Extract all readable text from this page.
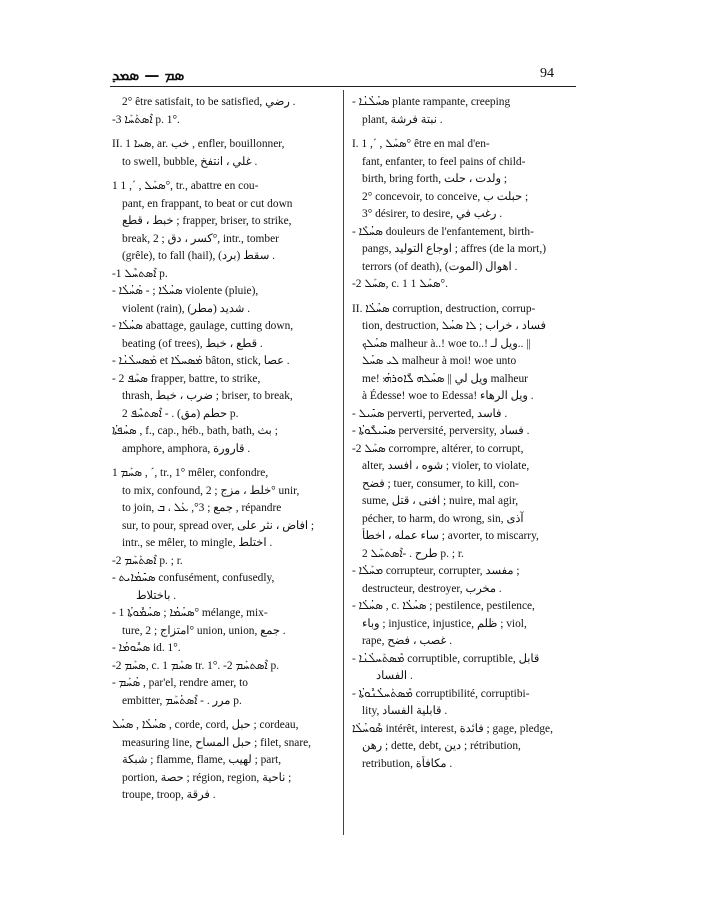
ܣܡ — ܣܡܕ	94
2° être satisfait, to be satisfied, رضي .
-ܐܶܣܬܰܚܰܐ 3 p. 1°.
II. ܣܚܐ 1, ar. خب , enfler, bouillonner,
to swell, bubble, غلي ، انتفخ .
1 ܣܚܰܠ , ´, 1°, tr., abattre en cou-
pant, en frappant, to beat or cut down
خبط ، قطع ; frapper, briser, to strike,
break, كسر ، دق ; 2°, intr., tomber
(grêle), to fall (hail), (برد) سقط .
-ܐܶܣܬܚܶܠ 1 p.
- ܣܚܳܠܳܐ ; - ܣܳܚܳܠܳܐ violente (pluie),
violent (rain), (مطر) شديد .
- ܣܚܳܠܳܐ abattage, gaulage, cutting down,
beating (of trees), قطع ، خبط .
- ܡܰܣܚܠܳܢܳܐ et ܡܰܣܚܠܳܐ bâton, stick, عصا .
- ܣܚܰܦ 2 frapper, battre, to strike,
thrash, ضرب ، خبط ; briser, to break,
حطم (مق) . - ܐܶܣܬܚܶܦ 2 p.
ܣܚܳܦܬܳܐ , f., cap., héb., bath, bath, بث ;
amphore, amphora, قارورة .
1 ܣܚܰܡ , ´, tr., 1° mêler, confondre,
to mix, confound, خلط ، مزج ; 2° unir,
to join, جمع ; 3°, ܥܰܠ ، ܒ , répandre
sur, to pour, spread over, افاض ، نثر على ;
intr., se mêler, to mingle, اختلط .
-ܐܶܣܬܰܚܰܡ 2 p. ; r.
- ܣܚܺܡܳܐܝܬ confusément, confusedly,
باختلاط .
- ܣܚܳܡܳܐ ; ܣܚܳܡܽܘܬܳܐ 1° mélange, mix-
ture, امتزاج ; 2° union, union, جمع .
- ܣܚܽܘܡܳܐ id. 1°.
-ܣܚܰܡ 2, c. 1 ܣܚܰܡ tr. 1°. -ܐܶܣܬܚܰܡ 2 p.
- ܣܳܚܰܡ , par'el, rendre amer, to
embitter, مرر . - ܐܶܣܬܳܚܰܡ p.
ܣܚܳܠܳܐ , ܣܚܳܠ , corde, cord, حبل ; cordeau,
measuring line, حبل المساح ; filet, snare,
شبكة ; flamme, flame, لهيب ; part,
portion, حصة ; région, region, ناحية ;
troupe, troop, فرقة .
- ܣܚܳܠܳܢܳܐ plante rampante, creeping
plant, نبتة فرشة .
I. ܣܚܰܠ , ´, 1° être en mal d'en-
fant, enfanter, to feel pains of child-
birth, bring forth, ولدت ، حلت ;
2° concevoir, to conceive, حبلت ب ;
3° désirer, to desire, رغب في .
- ܣܚܳܠܶܐ douleurs de l'enfantement, birth-
pangs, اوجاع التوليد ; affres (de la mort,)
terrors (of death), (الموت) اهوال .
-ܣܚܰܠ 2, c. 1 ܣܚܰܠ 1°.
II. ܣܚܳܠܳܐ corruption, destruction, corrup-
tion, destruction, فساد ، خراب ; ܠܐ ܣܚܳܠ
ܣܚܳܠܟ malheur à..! woe to..! ويل لـ.. ||
ܠܝ ܣܚܳܠ malheur à moi! woe unto
me! ويل لي || ܣܚܳܠܗ ܠܽܐܘܪܗܳܝ malheur
à Édesse! woe to Edessa! ويل الرهاء .
- ܣܚܺܝܠ perverti, perverted, فاسد .
- ܣܚܺܝܠܽܘܬܳܐ perversité, perversity, فساد .
-ܣܚܰܠ 2 corrompre, altérer, to corrupt,
alter, شوه ، افسد ; violer, to violate,
فضح ; tuer, consumer, to kill, con-
sume, افنى ، قتل ; nuire, mal agir,
pécher, to harm, do wrong, sin, آذى
ساء عمله ، اخطأ ; avorter, to miscarry,
طرح . -ܐܶܣܬܚܰܠ 2 p. ; r.
- ܡܚܰܠܳܐ corrupteur, corrupter, مفسد ;
destructeur, destroyer, مخرب .
- ܣܚܳܠܳܐ , c. ܣܚܳܠܳܐ ; pestilence, pestilence,
وباء ; injustice, injustice, ظلم ; viol,
rape, غصب ، فضح .
- ܡܶܣܬܰܚܠܳܢܳܐ corruptible, corruptible, قابل
الفساد .
- ܡܶܣܬܰܚܠܳܢܽܘܬܳܐ corruptibilité, corruptibi-
lity, قابلية الفساد .
ܣܽܘܚܳܠܳܐ intérêt, interest, فائدة ; gage, pledge,
رهن ; dette, debt, دين ; rétribution,
retribution, مكافأة .
